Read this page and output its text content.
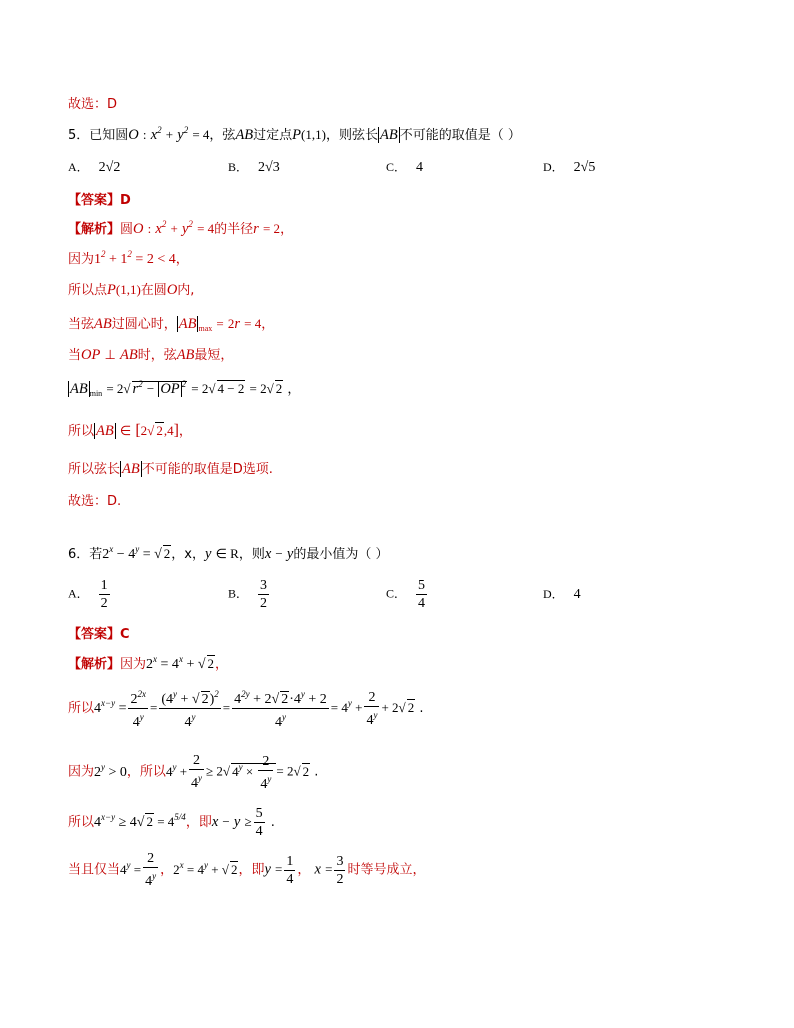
故选：D
5．已知圆O : $x^2 + y^2 = 4$，弦AB过定点P(1,1)，则弦长 AB 不可能的取值是（ ）
A． 2√2	B． 2√3	C． 4	D． 2√5
【答案】D
【解析】圆O : $x^2 + y^2 = 4$的半径r = 2，
因为$1^2 + 1^2 = 2 < 4$，
所以点P(1,1)在圆O内,
当弦AB过圆心时， AB $_{max}$ = 2r = 4，
当OP ⊥ AB时，弦AB最短，
AB $_{min}$ = 2√ $r^2$ − OP $^2$ = 2√ 4 − 2 = 2√ 2 ，
所以 AB ∈ [2√ 2,4]，
所以弦长 AB 不可能的取值是D选项.
故选：D.
6．若$2^x - 4^y$ = √ 2，x，y ∈ R，则x − y的最小值为（ ）
A． $\frac{1}{2}$	B． $\frac{3}{2}$	C． $\frac{5}{4}$	D． 4
【答案】C
【解析】因为$2^x = 4^x$ + √ 2，
所以$4^{x-y} = \frac{2^{2x}}{4^y} = \frac{(4^y + √ 2)^2}{4^y} = \frac{4^{2y} + 2√ 2\cdot 4^y + 2}{4^y} = 4^y + \frac{2}{4^y} + 2√$ 2 .
因为$2^y > 0$，所以$4^y + \frac{2}{4^y} \ge 2√$ $4^y \times \frac{2}{4^y} = 2√$ 2 .
所以$4^{x-y} \ge 4√$ $2 = 4^{5/4}$，即$x - y \ge \frac{5}{4}$ .
当且仅当$4^y = \frac{2}{4^y}$ ，$2^x = 4^y$ + √ 2，即$y = \frac{1}{4}$ ， $x = \frac{3}{2}$ 时等号成立，
